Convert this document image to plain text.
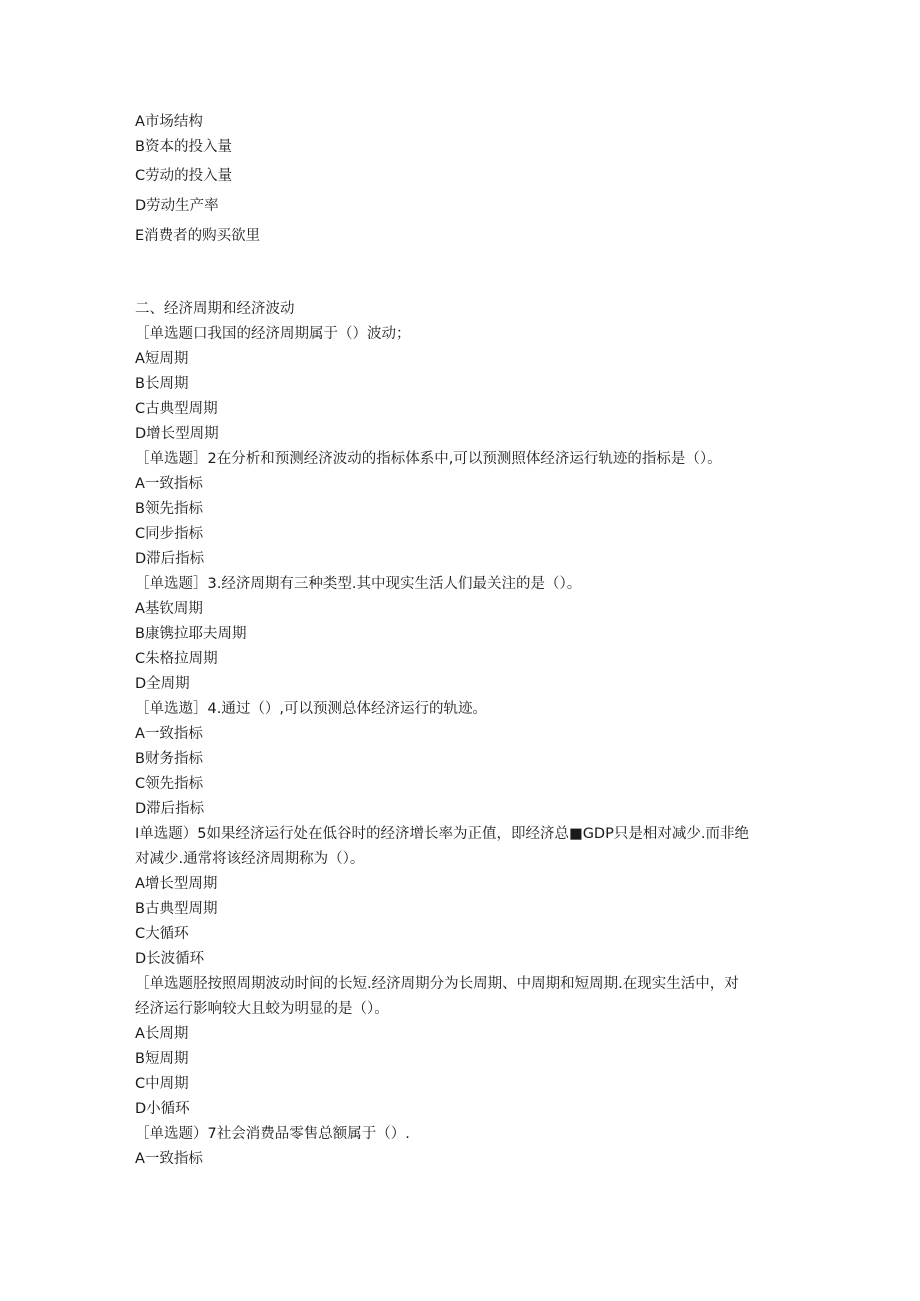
A市场结构
B资本的投入量
C劳动的投入量
D劳动生产率
E消费者的购买欲里
二、经济周期和经济波动
［单选题口我国的经济周期属于（）波动；
A短周期
B长周期
C古典型周期
D增长型周期
［单选题］2在分析和预测经济波动的指标体系中,可以预测照体经济运行轨迹的指标是（）。
A一致指标
B领先指标
C同步指标
D滞后指标
［单选题］3.经济周期有三种类型.其中现实生活人们最关注的是（）。
A基钦周期
B康镌拉耶夫周期
C朱格拉周期
D全周期
［单选遨］4.通过（）,可以预测总体经济运行的轨迹。
A一致指标
B财务指标
C领先指标
D滞后指标
I单选题）5如果经济运行处在低谷时的经济增长率为正值，即经济总■GDP只是相对减少.而非绝
对减少.通常将该经济周期称为（）。
A增长型周期
B古典型周期
C大循环
D长波循环
［单选题胫按照周期波动时间的长短.经济周期分为长周期、中周期和短周期.在现实生活中，对
经济运行影响较大且蛟为明显的是（）。
A长周期
B短周期
C中周期
D小循环
［单选题）7社会消费品零售总额属于（）.
A一致指标
